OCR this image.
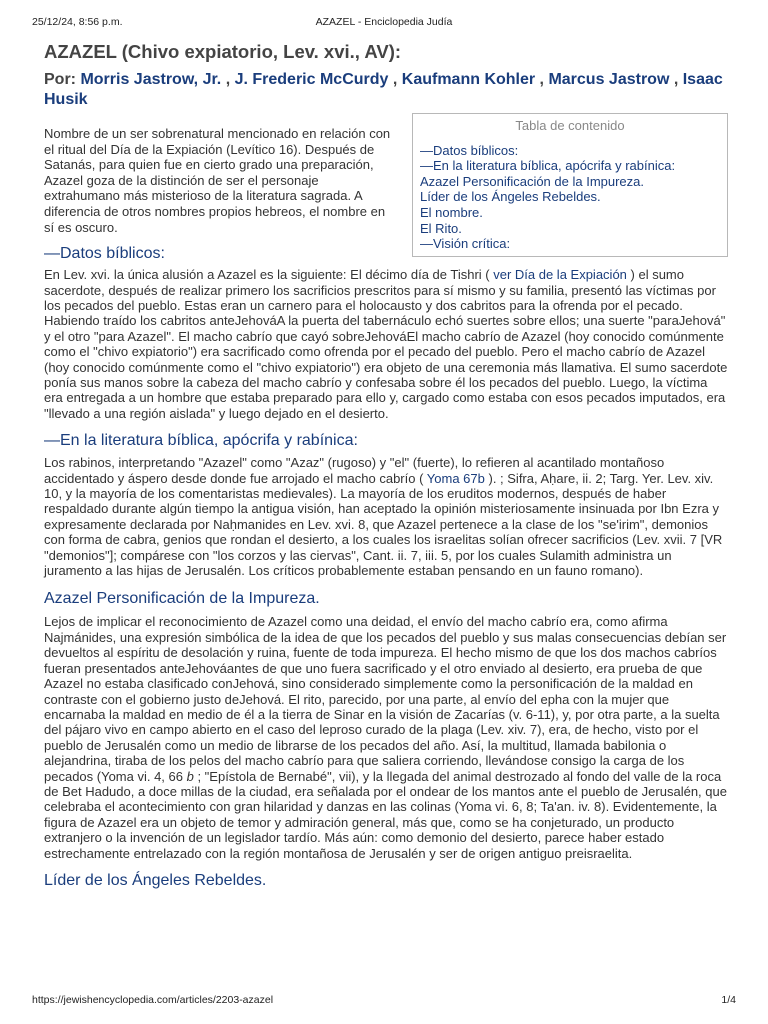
25/12/24, 8:56 p.m.	AZAZEL - Enciclopedia Judía
AZAZEL (Chivo expiatorio, Lev. xvi., AV):
Por: Morris Jastrow, Jr. , J. Frederic McCurdy , Kaufmann Kohler , Marcus Jastrow , Isaac Husik
Tabla de contenido
—Datos bíblicos:
—En la literatura bíblica, apócrifa y rabínica:
Azazel Personificación de la Impureza.
Líder de los Ángeles Rebeldes.
El nombre.
El Rito.
—Visión crítica:

Nombre de un ser sobrenatural mencionado en relación con el ritual del Día de la Expiación (Levítico 16). Después de Satanás, para quien fue en cierto grado una preparación, Azazel goza de la distinción de ser el personaje extrahumano más misterioso de la literatura sagrada. A diferencia de otros nombres propios hebreos, el nombre en sí es oscuro.

—Datos bíblicos:

En Lev. xvi. la única alusión a Azazel es la siguiente: El décimo día de Tishri ( ver Día de la Expiación ) el sumo sacerdote, después de realizar primero los sacrificios prescritos para sí mismo y su familia, presentó las víctimas por los pecados del pueblo. Estas eran un carnero para el holocausto y dos cabritos para la ofrenda por el pecado. Habiendo traído los cabritos anteJehováA la puerta del tabernáculo echó suertes sobre ellos; una suerte "paraJehová" y el otro "para Azazel". El macho cabrío que cayó sobreJehováEl macho cabrío de Azazel (hoy conocido comúnmente como el "chivo expiatorio") era sacrificado como ofrenda por el pecado del pueblo. Pero el macho cabrío de Azazel (hoy conocido comúnmente como el "chivo expiatorio") era objeto de una ceremonia más llamativa. El sumo sacerdote ponía sus manos sobre la cabeza del macho cabrío y confesaba sobre él los pecados del pueblo. Luego, la víctima era entregada a un hombre que estaba preparado para ello y, cargado como estaba con esos pecados imputados, era "llevado a una región aislada" y luego dejado en el desierto.

—En la literatura bíblica, apócrifa y rabínica:

Los rabinos, interpretando "Azazel" como "Azaz" (rugoso) y "el" (fuerte), lo refieren al acantilado montañoso accidentado y áspero desde donde fue arrojado el macho cabrío ( Yoma 67b ). ; Sifra, Aḥare, ii. 2; Targ. Yer. Lev. xiv. 10, y la mayoría de los comentaristas medievales). La mayoría de los eruditos modernos, después de haber respaldado durante algún tiempo la antigua visión, han aceptado la opinión misteriosamente insinuada por Ibn Ezra y expresamente declarada por Naḥmanides en Lev. xvi. 8, que Azazel pertenece a la clase de los "se'irim", demonios con forma de cabra, genios que rondan el desierto, a los cuales los israelitas solían ofrecer sacrificios (Lev. xvii. 7 [VR "demonios"]; compárese con "los corzos y las ciervas", Cant. ii. 7, iii. 5, por los cuales Sulamith administra un juramento a las hijas de Jerusalén. Los críticos probablemente estaban pensando en un fauno romano).

Azazel Personificación de la Impureza.

Lejos de implicar el reconocimiento de Azazel como una deidad, el envío del macho cabrío era, como afirma Najmánides, una expresión simbólica de la idea de que los pecados del pueblo y sus malas consecuencias debían ser devueltos al espíritu de desolación y ruina, fuente de toda impureza. El hecho mismo de que los dos machos cabríos fueran presentados anteJehováantes de que uno fuera sacrificado y el otro enviado al desierto, era prueba de que Azazel no estaba clasificado conJehová, sino considerado simplemente como la personificación de la maldad en contraste con el gobierno justo deJehová. El rito, parecido, por una parte, al envío del epha con la mujer que encarnaba la maldad en medio de él a la tierra de Sinar en la visión de Zacarías (v. 6-11), y, por otra parte, a la suelta del pájaro vivo en campo abierto en el caso del leproso curado de la plaga (Lev. xiv. 7), era, de hecho, visto por el pueblo de Jerusalén como un medio de librarse de los pecados del año. Así, la multitud, llamada babilonia o alejandrina, tiraba de los pelos del macho cabrío para que saliera corriendo, llevándose consigo la carga de los pecados (Yoma vi. 4, 66 b ; "Epístola de Bernabé", vii), y la llegada del animal destrozado al fondo del valle de la roca de Bet Hadudo, a doce millas de la ciudad, era señalada por el ondear de los mantos ante el pueblo de Jerusalén, que celebraba el acontecimiento con gran hilaridad y danzas en las colinas (Yoma vi. 6, 8; Ta'an. iv. 8). Evidentemente, la figura de Azazel era un objeto de temor y admiración general, más que, como se ha conjeturado, un producto extranjero o la invención de un legislador tardío. Más aún: como demonio del desierto, parece haber estado estrechamente entrelazado con la región montañosa de Jerusalén y ser de origen antiguo preisraelita.

Líder de los Ángeles Rebeldes.
https://jewishencyclopedia.com/articles/2203-azazel	1/4
